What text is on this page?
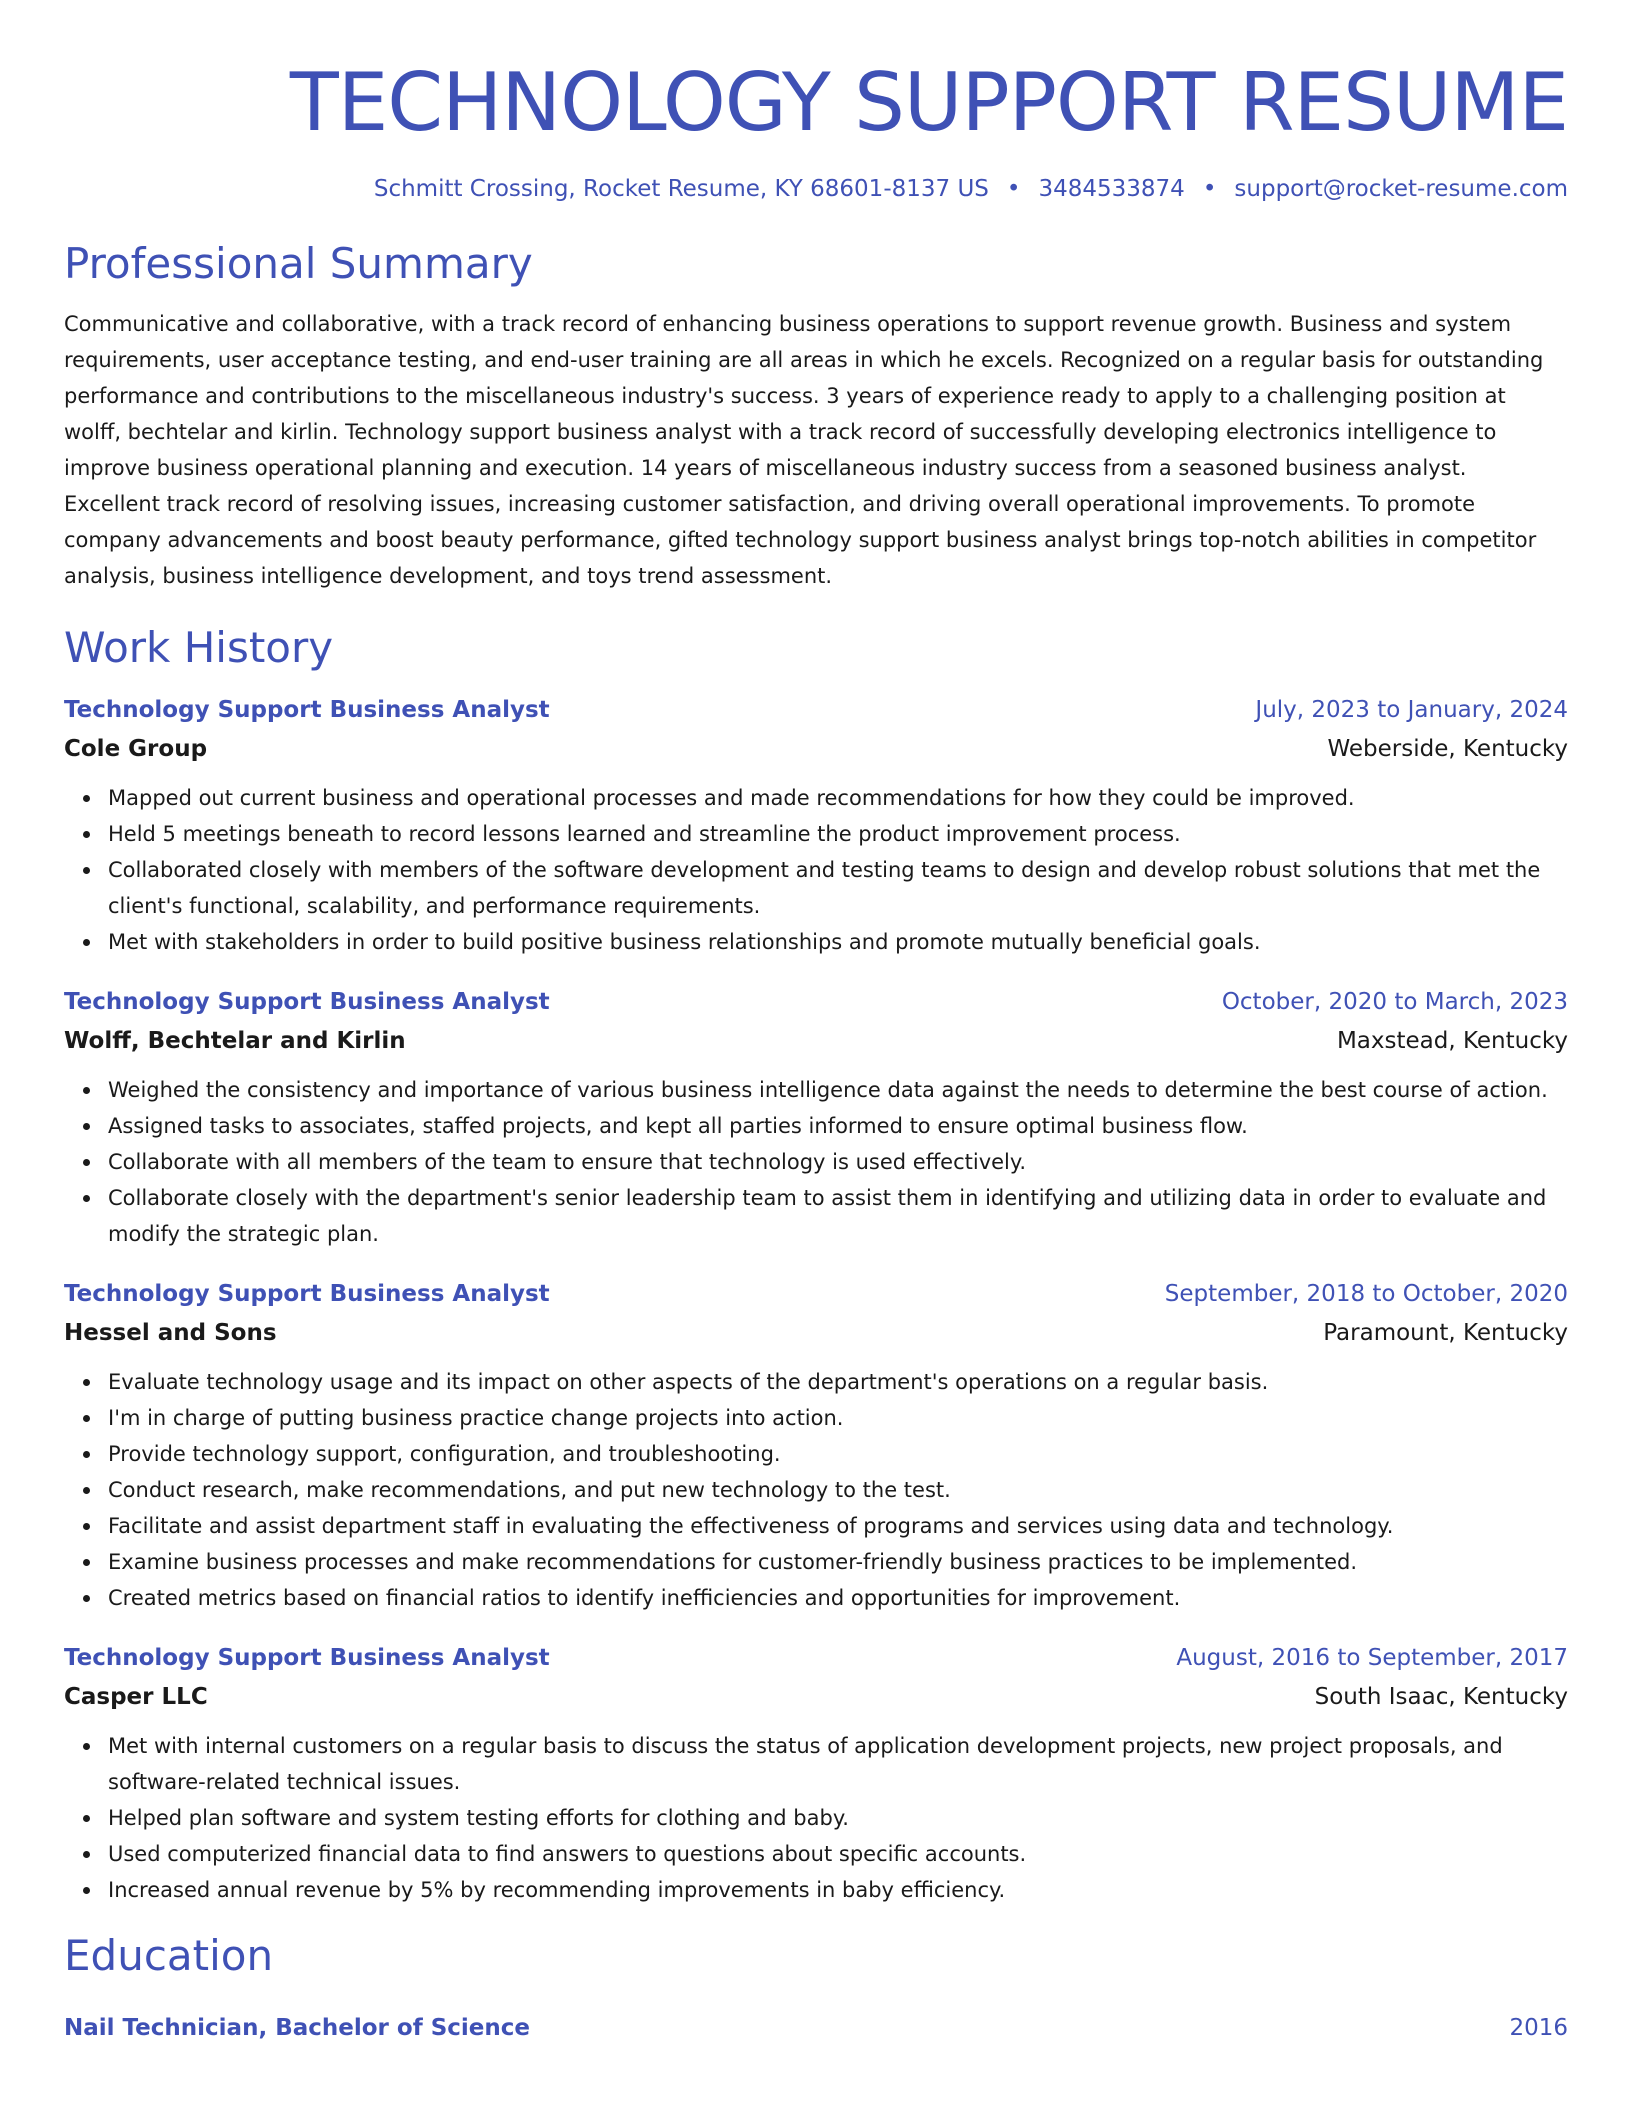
TECHNOLOGY SUPPORT RESUME
Schmitt Crossing, Rocket Resume, KY 68601-8137 US • 3484533874 • support@rocket-resume.com
Professional Summary

Communicative and collaborative, with a track record of enhancing business operations to support revenue growth. Business and system requirements, user acceptance testing, and end-user training are all areas in which he excels. Recognized on a regular basis for outstanding performance and contributions to the miscellaneous industry's success. 3 years of experience ready to apply to a challenging position at wolff, bechtelar and kirlin. Technology support business analyst with a track record of successfully developing electronics intelligence to improve business operational planning and execution. 14 years of miscellaneous industry success from a seasoned business analyst. Excellent track record of resolving issues, increasing customer satisfaction, and driving overall operational improvements. To promote company advancements and boost beauty performance, gifted technology support business analyst brings top-notch abilities in competitor analysis, business intelligence development, and toys trend assessment.

Work History
Technology Support Business Analyst	July, 2023 to January, 2024
Cole Group	Weberside, Kentucky
Mapped out current business and operational processes and made recommendations for how they could be improved.
Held 5 meetings beneath to record lessons learned and streamline the product improvement process.
Collaborated closely with members of the software development and testing teams to design and develop robust solutions that met the client's functional, scalability, and performance requirements.
Met with stakeholders in order to build positive business relationships and promote mutually beneficial goals.
Technology Support Business Analyst	October, 2020 to March, 2023
Wolff, Bechtelar and Kirlin	Maxstead, Kentucky
Weighed the consistency and importance of various business intelligence data against the needs to determine the best course of action.
Assigned tasks to associates, staffed projects, and kept all parties informed to ensure optimal business flow.
Collaborate with all members of the team to ensure that technology is used effectively.
Collaborate closely with the department's senior leadership team to assist them in identifying and utilizing data in order to evaluate and modify the strategic plan.
Technology Support Business Analyst	September, 2018 to October, 2020
Hessel and Sons	Paramount, Kentucky
Evaluate technology usage and its impact on other aspects of the department's operations on a regular basis.
I'm in charge of putting business practice change projects into action.
Provide technology support, configuration, and troubleshooting.
Conduct research, make recommendations, and put new technology to the test.
Facilitate and assist department staff in evaluating the effectiveness of programs and services using data and technology.
Examine business processes and make recommendations for customer-friendly business practices to be implemented.
Created metrics based on financial ratios to identify inefficiencies and opportunities for improvement.
Technology Support Business Analyst	August, 2016 to September, 2017
Casper LLC	South Isaac, Kentucky
Met with internal customers on a regular basis to discuss the status of application development projects, new project proposals, and software-related technical issues.
Helped plan software and system testing efforts for clothing and baby.
Used computerized financial data to find answers to questions about specific accounts.
Increased annual revenue by 5% by recommending improvements in baby efficiency.
Education
Nail Technician, Bachelor of Science	2016
